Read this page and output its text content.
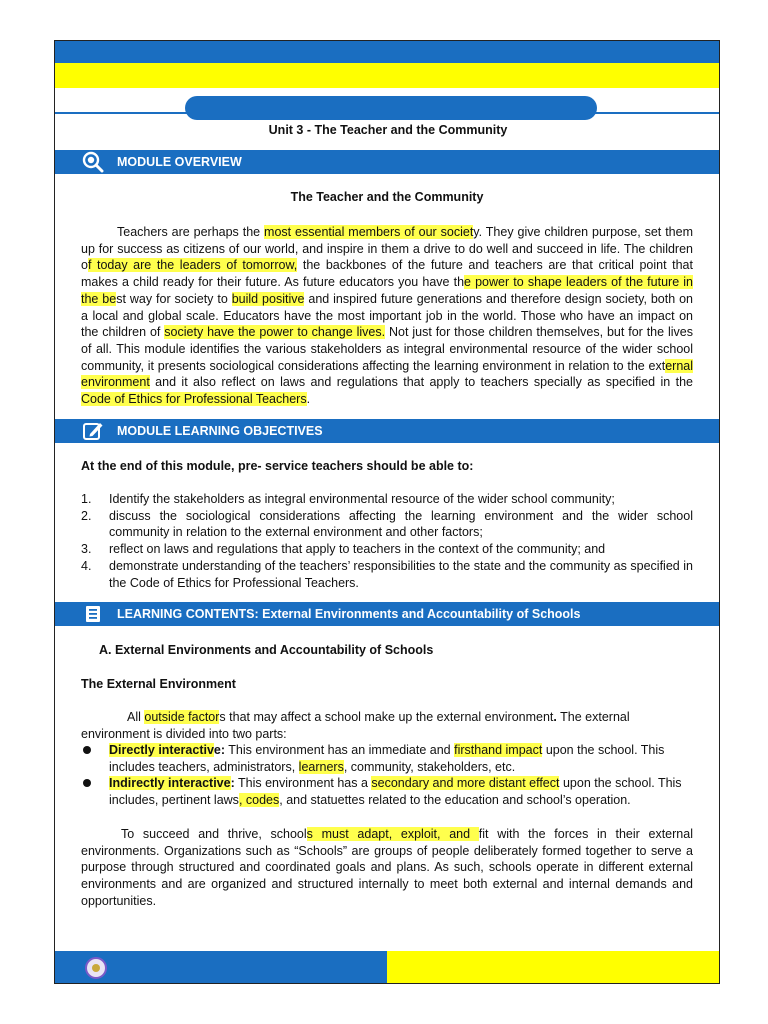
Unit 3 - The Teacher and the Community
MODULE OVERVIEW
The Teacher and the Community
Teachers are perhaps the most essential members of our society. They give children purpose, set them up for success as citizens of our world, and inspire in them a drive to do well and succeed in life. The children of today are the leaders of tomorrow, the backbones of the future and teachers are that critical point that makes a child ready for their future. As future educators you have the power to shape leaders of the future in the best way for society to build positive and inspired future generations and therefore design society, both on a local and global scale. Educators have the most important job in the world. Those who have an impact on the children of society have the power to change lives. Not just for those children themselves, but for the lives of all. This module identifies the various stakeholders as integral environmental resource of the wider school community, it presents sociological considerations affecting the learning environment in relation to the external environment and it also reflect on laws and regulations that apply to teachers specially as specified in the Code of Ethics for Professional Teachers.
MODULE LEARNING OBJECTIVES
At the end of this module, pre- service teachers should be able to:
1. Identify the stakeholders as integral environmental resource of the wider school community;
2. discuss the sociological considerations affecting the learning environment and the wider school community in relation to the external environment and other factors;
3. reflect on laws and regulations that apply to teachers in the context of the community; and
4. demonstrate understanding of the teachers’ responsibilities to the state and the community as specified in the Code of Ethics for Professional Teachers.
LEARNING CONTENTS: External Environments and Accountability of Schools
A. External Environments and Accountability of Schools
The External Environment
All outside factors that may affect a school make up the external environment. The external environment is divided into two parts:
Directly interactive: This environment has an immediate and firsthand impact upon the school. This includes teachers, administrators, learners, community, stakeholders, etc.
Indirectly interactive: This environment has a secondary and more distant effect upon the school. This includes, pertinent laws, codes, and statuettes related to the education and school’s operation.
To succeed and thrive, schools must adapt, exploit, and fit with the forces in their external environments. Organizations such as “Schools” are groups of people deliberately formed together to serve a purpose through structured and coordinated goals and plans. As such, schools operate in different external environments and are organized and structured internally to meet both external and internal demands and opportunities.
